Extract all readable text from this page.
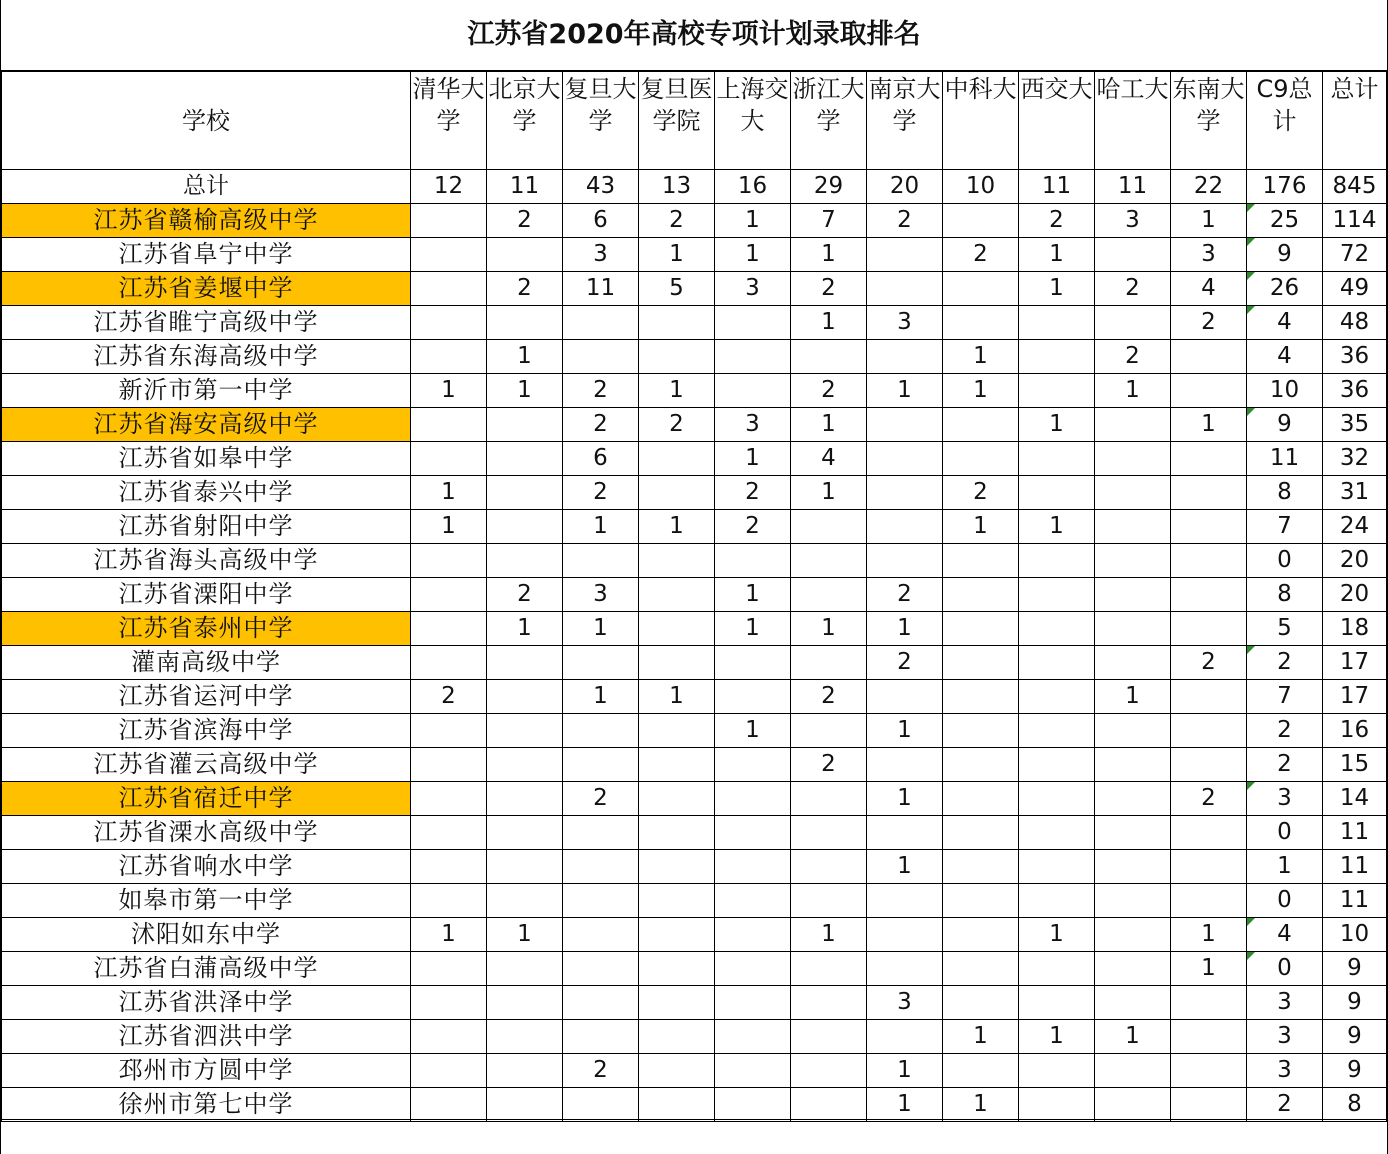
江苏省2020年高校专项计划录取排名
学校	清华大学	北京大学	复旦大学	复旦医学院	上海交大	浙江大学	南京大学	中科大	西交大	哈工大	东南大学	C9总计	总计
总计	12	11	43	13	16	29	20	10	11	11	22	176	845
江苏省赣榆高级中学		2	6	2	1	7	2		2	3	1	25	114
江苏省阜宁中学			3	1	1	1		2	1		3	9	72
江苏省姜堰中学		2	11	5	3	2			1	2	4	26	49
江苏省睢宁高级中学						1	3				2	4	48
江苏省东海高级中学		1						1		2		4	36
新沂市第一中学	1	1	2	1		2	1	1		1		10	36
江苏省海安高级中学			2	2	3	1			1		1	9	35
江苏省如皋中学			6		1	4						11	32
江苏省泰兴中学	1		2		2	1		2				8	31
江苏省射阳中学	1		1	1	2			1	1			7	24
江苏省海头高级中学												0	20
江苏省溧阳中学		2	3		1		2					8	20
江苏省泰州中学		1	1		1	1	1					5	18
灌南高级中学							2				2	2	17
江苏省运河中学	2		1	1		2				1		7	17
江苏省滨海中学					1		1					2	16
江苏省灌云高级中学						2						2	15
江苏省宿迁中学			2				1				2	3	14
江苏省溧水高级中学												0	11
江苏省响水中学							1					1	11
如皋市第一中学												0	11
沭阳如东中学	1	1				1			1		1	4	10
江苏省白蒲高级中学											1	0	9
江苏省洪泽中学							3					3	9
江苏省泗洪中学								1	1	1		3	9
邳州市方圆中学			2				1					3	9
徐州市第七中学							1	1				2	8
